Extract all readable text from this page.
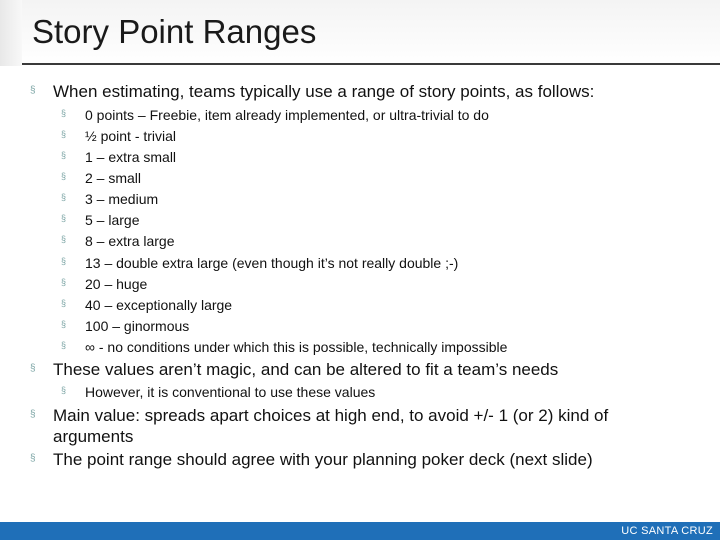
Story Point Ranges
§ When estimating, teams typically use a range of story points, as follows:
§ 0 points – Freebie, item already implemented, or ultra-trivial to do
§ ½ point - trivial
§ 1 – extra small
§ 2 – small
§ 3 – medium
§ 5 – large
§ 8 – extra large
§ 13 – double extra large (even though it’s not really double ;-)
§ 20 – huge
§ 40 – exceptionally large
§ 100 – ginormous
§ ∞ - no conditions under which this is possible, technically impossible
§ These values aren’t magic, and can be altered to fit a team’s needs
§ However, it is conventional to use these values
§ Main value: spreads apart choices at high end, to avoid +/- 1 (or 2) kind of arguments
§ The point range should agree with your planning poker deck (next slide)
UC SANTA CRUZ
